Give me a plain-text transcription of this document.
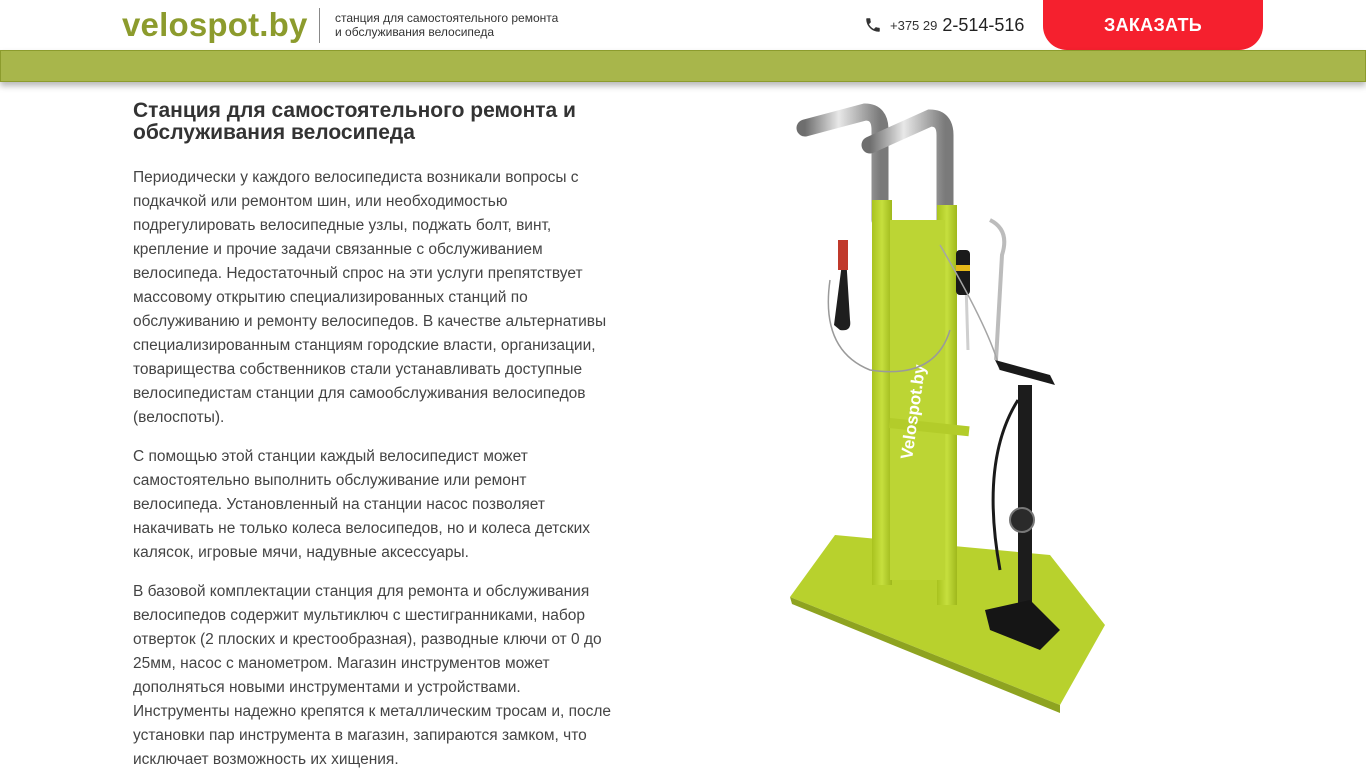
velospot.by станция для самостоятельного ремонта и обслуживания велосипеда	+375 29 2-514-516	ЗАКАЗАТЬ
Станция для самостоятельного ремонта и обслуживания велосипеда

Периодически у каждого велосипедиста возникали вопросы с подкачкой или ремонтом шин, или необходимостью подрегулировать велосипедные узлы, поджать болт, винт, крепление и прочие задачи связанные с обслуживанием велосипеда. Недостаточный спрос на эти услуги препятствует массовому открытию специализированных станций по обслуживанию и ремонту велосипедов. В качестве альтернативы специализированным станциям городские власти, организации, товарищества собственников стали устанавливать доступные велосипедистам станции для самообслуживания велосипедов (велоспоты).

С помощью этой станции каждый велосипедист может самостоятельно выполнить обслуживание или ремонт велосипеда. Установленный на станции насос позволяет накачивать не только колеса велосипедов, но и колеса детских калясок, игровые мячи, надувные аксессуары.

В базовой комплектации станция для ремонта и обслуживания велосипедов содержит мультиключ с шестигранниками, набор отверток (2 плоских и крестообразная), разводные ключи от 0 до 25мм, насос с манометром. Магазин инструментов может дополняться новыми инструментами и устройствами. Инструменты надежно крепятся к металлическим тросам и, после установки пар инструмента в магазин, запираются замком, что исключает возможность их хищения.

Velospot.by
